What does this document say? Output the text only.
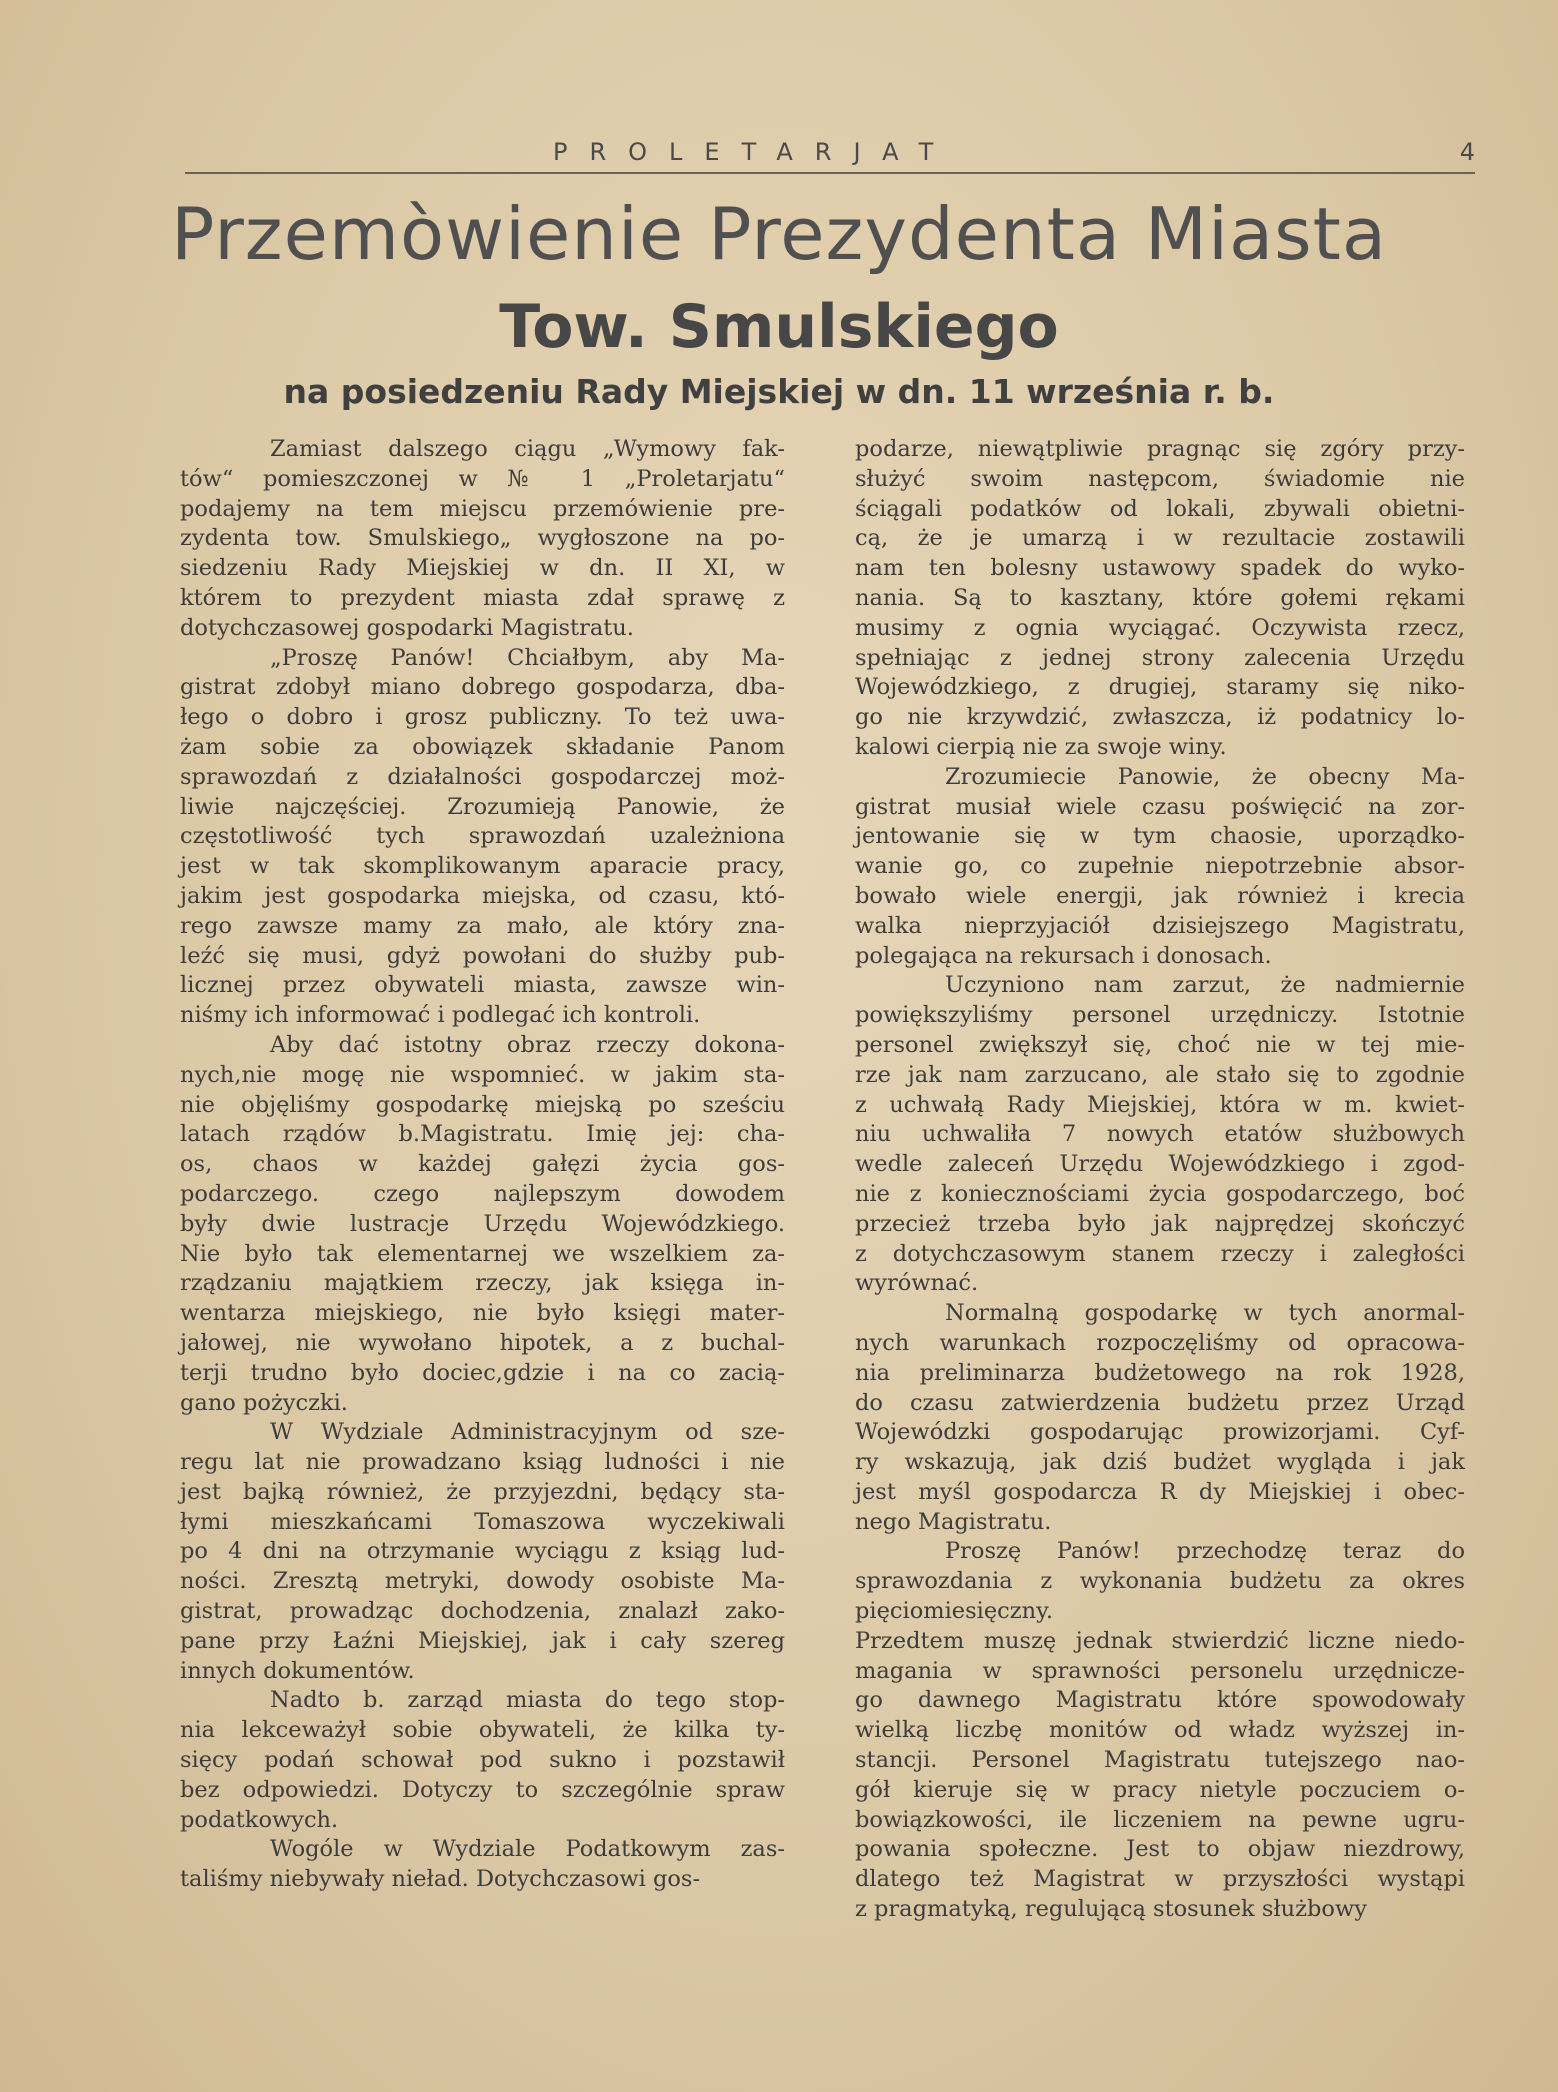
PROLETARJAT	4
Przemòwienie Prezydenta Miasta
Tow. Smulskiego
na posiedzeniu Rady Miejskiej w dn. 11 września r. b.
Zamiast dalszego ciągu „Wymowy fak-
tów“ pomieszczonej w № 1 „Proletarjatu“
podajemy na tem miejscu przemówienie pre-
zydenta tow. Smulskiego„ wygłoszone na po-
siedzeniu Rady Miejskiej w dn. II XI, w
którem to prezydent miasta zdał sprawę z
dotychczasowej gospodarki Magistratu.
„Proszę Panów! Chciałbym, aby Ma-
gistrat zdobył miano dobrego gospodarza, dba-
łego o dobro i grosz publiczny. To też uwa-
żam sobie za obowiązek składanie Panom
sprawozdań z działalności gospodarczej moż-
liwie najczęściej. Zrozumieją Panowie, że
częstotliwość tych sprawozdań uzależniona
jest w tak skomplikowanym aparacie pracy,
jakim jest gospodarka miejska, od czasu, któ-
rego zawsze mamy za mało, ale który zna-
leźć się musi, gdyż powołani do służby pub-
licznej przez obywateli miasta, zawsze win-
niśmy ich informować i podlegać ich kontroli.
Aby dać istotny obraz rzeczy dokona-
nych,nie mogę nie wspomnieć. w jakim sta-
nie objęliśmy gospodarkę miejską po sześciu
latach rządów b.Magistratu. Imię jej: cha-
os, chaos w każdej gałęzi życia gos-
podarczego. czego najlepszym dowodem
były dwie lustracje Urzędu Wojewódzkiego.
Nie było tak elementarnej we wszelkiem za-
rządzaniu majątkiem rzeczy, jak księga in-
wentarza miejskiego, nie było księgi mater-
jałowej, nie wywołano hipotek, a z buchal-
terji trudno było dociec,gdzie i na co zacią-
gano pożyczki.
W Wydziale Administracyjnym od sze-
regu lat nie prowadzano ksiąg ludności i nie
jest bajką również, że przyjezdni, będący sta-
łymi mieszkańcami Tomaszowa wyczekiwali
po 4 dni na otrzymanie wyciągu z ksiąg lud-
ności. Zresztą metryki, dowody osobiste Ma-
gistrat, prowadząc dochodzenia, znalazł zako-
pane przy Łaźni Miejskiej, jak i cały szereg
innych dokumentów.
Nadto b. zarząd miasta do tego stop-
nia lekceważył sobie obywateli, że kilka ty-
sięcy podań schował pod sukno i pozstawił
bez odpowiedzi. Dotyczy to szczególnie spraw
podatkowych.
Wogóle w Wydziale Podatkowym zas-
taliśmy niebywały nieład. Dotychczasowi gos-
podarze, niewątpliwie pragnąc się zgóry przy-
służyć swoim następcom, świadomie nie
ściągali podatków od lokali, zbywali obietni-
cą, że je umarzą i w rezultacie zostawili
nam ten bolesny ustawowy spadek do wyko-
nania. Są to kasztany, które gołemi rękami
musimy z ognia wyciągać. Oczywista rzecz,
spełniając z jednej strony zalecenia Urzędu
Wojewódzkiego, z drugiej, staramy się niko-
go nie krzywdzić, zwłaszcza, iż podatnicy lo-
kalowi cierpią nie za swoje winy.
Zrozumiecie Panowie, że obecny Ma-
gistrat musiał wiele czasu poświęcić na zor-
jentowanie się w tym chaosie, uporządko-
wanie go, co zupełnie niepotrzebnie absor-
bowało wiele energji, jak również i krecia
walka nieprzyjaciół dzisiejszego Magistratu,
polegająca na rekursach i donosach.
Uczyniono nam zarzut, że nadmiernie
powiększyliśmy personel urzędniczy. Istotnie
personel zwiększył się, choć nie w tej mie-
rze jak nam zarzucano, ale stało się to zgodnie
z uchwałą Rady Miejskiej, która w m. kwiet-
niu uchwaliła 7 nowych etatów służbowych
wedle zaleceń Urzędu Wojewódzkiego i zgod-
nie z koniecznościami życia gospodarczego, boć
przecież trzeba było jak najprędzej skończyć
z dotychczasowym stanem rzeczy i zaległości
wyrównać.
Normalną gospodarkę w tych anormal-
nych warunkach rozpoczęliśmy od opracowa-
nia preliminarza budżetowego na rok 1928,
do czasu zatwierdzenia budżetu przez Urząd
Wojewódzki gospodarując prowizorjami. Cyf-
ry wskazują, jak dziś budżet wygląda i jak
jest myśl gospodarcza R dy Miejskiej i obec-
nego Magistratu.
Proszę Panów! przechodzę teraz do
sprawozdania z wykonania budżetu za okres
pięciomiesięczny.
Przedtem muszę jednak stwierdzić liczne niedo-
magania w sprawności personelu urzędnicze-
go dawnego Magistratu które spowodowały
wielką liczbę monitów od władz wyższej in-
stancji. Personel Magistratu tutejszego nao-
gół kieruje się w pracy nietyle poczuciem o-
bowiązkowości, ile liczeniem na pewne ugru-
powania społeczne. Jest to objaw niezdrowy,
dlatego też Magistrat w przyszłości wystąpi
z pragmatyką, regulującą stosunek służbowy
